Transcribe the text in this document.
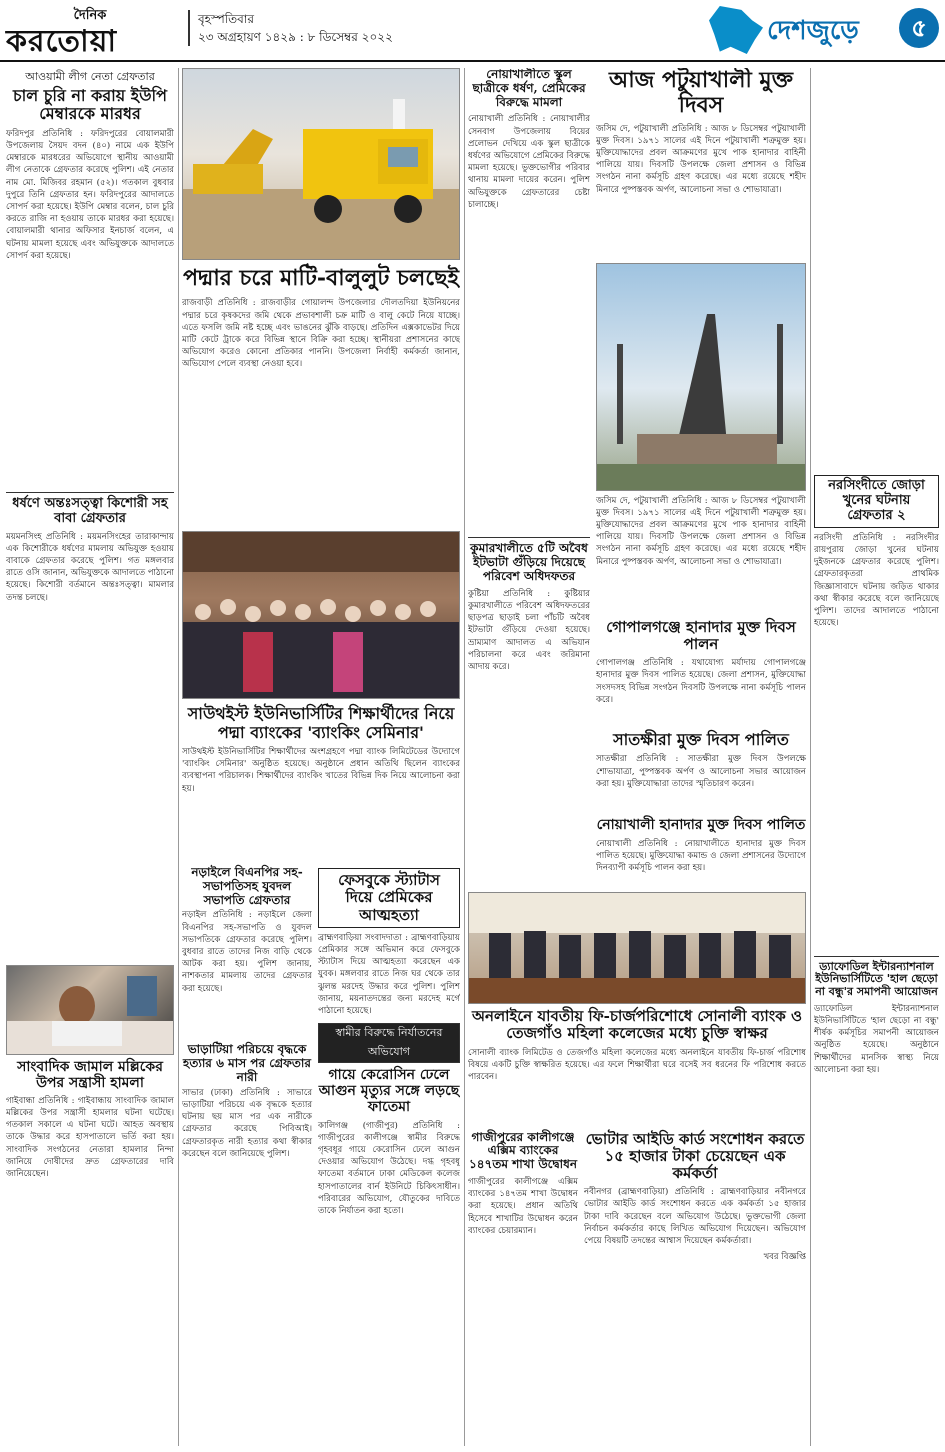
দৈনিক
করতোয়া
বৃহস্পতিবার
২৩ অগ্রহায়ণ ১৪২৯ : ৮ ডিসেম্বর ২০২২	দেশজুড়ে	৫
আওয়ামী লীগ নেতা গ্রেফতার
চাল চুরি না করায় ইউপি মেম্বারকে মারধর
ফরিদপুর প্রতিনিধি : ফরিদপুরের বোয়ালমারী উপজেলায় সৈয়দ বদন (৪০) নামে এক ইউপি মেম্বারকে মারধরের অভিযোগে স্থানীয় আওয়ামী লীগ নেতাকে গ্রেফতার করেছে পুলিশ। এই নেতার নাম মো. মিজিবর রহমান (৫২)। গতকাল বুধবার দুপুরে তিনি গ্রেফতার হন। ফরিদপুরের আদালতে সোপর্দ করা হয়েছে। ইউপি মেম্বার বলেন, চাল চুরি করতে রাজি না হওয়ায় তাকে মারধর করা হয়েছে। বোয়ালমারী থানার অফিসার ইনচার্জ বলেন, এ ঘটনায় মামলা হয়েছে এবং অভিযুক্তকে আদালতে সোপর্দ করা হয়েছে।
ধর্ষণে অন্তঃসত্ত্বা কিশোরী সহ বাবা গ্রেফতার
ময়মনসিংহ প্রতিনিধি : ময়মনসিংহের তারাকান্দায় এক কিশোরীকে ধর্ষণের মামলায় অভিযুক্ত হওয়ায় বাবাকে গ্রেফতার করেছে পুলিশ। গত মঙ্গলবার রাতে ওসি জানান, অভিযুক্তকে আদালতে পাঠানো হয়েছে। কিশোরী বর্তমানে অন্তঃসত্ত্বা। মামলার তদন্ত চলছে।
সাংবাদিক জামাল মল্লিকের উপর সন্ত্রাসী হামলা
গাইবান্ধা প্রতিনিধি : গাইবান্ধায় সাংবাদিক জামাল মল্লিকের উপর সন্ত্রাসী হামলার ঘটনা ঘটেছে। গতকাল সকালে এ ঘটনা ঘটে। আহত অবস্থায় তাকে উদ্ধার করে হাসপাতালে ভর্তি করা হয়। সাংবাদিক সংগঠনের নেতারা হামলার নিন্দা জানিয়ে দোষীদের দ্রুত গ্রেফতারের দাবি জানিয়েছেন।
পদ্মার চরে মাটি-বালুলুট চলছেই
রাজবাড়ী প্রতিনিধি : রাজবাড়ীর গোয়ালন্দ উপজেলার দৌলতদিয়া ইউনিয়নের পদ্মার চরে কৃষকদের জমি থেকে প্রভাবশালী চক্র মাটি ও বালু কেটে নিয়ে যাচ্ছে। এতে ফসলি জমি নষ্ট হচ্ছে এবং ভাঙনের ঝুঁকি বাড়ছে। প্রতিদিন এক্সকাভেটর দিয়ে মাটি কেটে ট্রাকে করে বিভিন্ন স্থানে বিক্রি করা হচ্ছে। স্থানীয়রা প্রশাসনের কাছে অভিযোগ করেও কোনো প্রতিকার পাননি। উপজেলা নির্বাহী কর্মকর্তা জানান, অভিযোগ পেলে ব্যবস্থা নেওয়া হবে।
সাউথইস্ট ইউনিভার্সিটির শিক্ষার্থীদের নিয়ে পদ্মা ব্যাংকের 'ব্যাংকিং সেমিনার'
সাউথইস্ট ইউনিভার্সিটির শিক্ষার্থীদের অংশগ্রহণে পদ্মা ব্যাংক লিমিটেডের উদ্যোগে 'ব্যাংকিং সেমিনার' অনুষ্ঠিত হয়েছে। অনুষ্ঠানে প্রধান অতিথি ছিলেন ব্যাংকের ব্যবস্থাপনা পরিচালক। শিক্ষার্থীদের ব্যাংকিং খাতের বিভিন্ন দিক নিয়ে আলোচনা করা হয়।
নড়াইলে বিএনপির সহ-সভাপতিসহ যুবদল সভাপতি গ্রেফতার
নড়াইল প্রতিনিধি : নড়াইলে জেলা বিএনপির সহ-সভাপতি ও যুবদল সভাপতিকে গ্রেফতার করেছে পুলিশ। বুধবার রাতে তাদের নিজ বাড়ি থেকে আটক করা হয়। পুলিশ জানায়, নাশকতার মামলায় তাদের গ্রেফতার করা হয়েছে।
ভাড়াটিয়া পরিচয়ে বৃদ্ধকে হত্যার ৬ মাস পর গ্রেফতার নারী
সাভার (ঢাকা) প্রতিনিধি : সাভারে ভাড়াটিয়া পরিচয়ে এক বৃদ্ধকে হত্যার ঘটনায় ছয় মাস পর এক নারীকে গ্রেফতার করেছে পিবিআই। গ্রেফতারকৃত নারী হত্যার কথা স্বীকার করেছেন বলে জানিয়েছে পুলিশ।
ফেসবুকে স্ট্যাটাস দিয়ে প্রেমিকের আত্মহত্যা
ব্রাহ্মণবাড়িয়া সংবাদদাতা : ব্রাহ্মণবাড়িয়ায় প্রেমিকার সঙ্গে অভিমান করে ফেসবুকে স্ট্যাটাস দিয়ে আত্মহত্যা করেছেন এক যুবক। মঙ্গলবার রাতে নিজ ঘর থেকে তার ঝুলন্ত মরদেহ উদ্ধার করে পুলিশ। পুলিশ জানায়, ময়নাতদন্তের জন্য মরদেহ মর্গে পাঠানো হয়েছে।
স্বামীর বিরুদ্ধে নির্যাতনের অভিযোগ
গায়ে কেরোসিন ঢেলে আগুন মৃত্যুর সঙ্গে লড়ছে ফাতেমা
কালিগঞ্জ (গাজীপুর) প্রতিনিধি : গাজীপুরের কালীগঞ্জে স্বামীর বিরুদ্ধে গৃহবধূর গায়ে কেরোসিন ঢেলে আগুন দেওয়ার অভিযোগ উঠেছে। দগ্ধ গৃহবধূ ফাতেমা বর্তমানে ঢাকা মেডিকেল কলেজ হাসপাতালের বার্ন ইউনিটে চিকিৎসাধীন। পরিবারের অভিযোগ, যৌতুকের দাবিতে তাকে নির্যাতন করা হতো।
নোয়াখালীতে স্কুল ছাত্রীকে ধর্ষণ, প্রেমিকের বিরুদ্ধে মামলা
নোয়াখালী প্রতিনিধি : নোয়াখালীর সেনবাগ উপজেলায় বিয়ের প্রলোভন দেখিয়ে এক স্কুল ছাত্রীকে ধর্ষণের অভিযোগে প্রেমিকের বিরুদ্ধে মামলা হয়েছে। ভুক্তভোগীর পরিবার থানায় মামলা দায়ের করেন। পুলিশ অভিযুক্তকে গ্রেফতারের চেষ্টা চালাচ্ছে।
কুমারখালীতে ৫টি অবৈধ ইটভাটা গুঁড়িয়ে দিয়েছে পরিবেশ অধিদফতর
কুষ্টিয়া প্রতিনিধি : কুষ্টিয়ার কুমারখালীতে পরিবেশ অধিদফতরের ছাড়পত্র ছাড়াই চলা পাঁচটি অবৈধ ইটভাটা গুঁড়িয়ে দেওয়া হয়েছে। ভ্রাম্যমাণ আদালত এ অভিযান পরিচালনা করে এবং জরিমানা আদায় করে।
আজ পটুয়াখালী মুক্ত দিবস
জসিম দে, পটুয়াখালী প্রতিনিধি : আজ ৮ ডিসেম্বর পটুয়াখালী মুক্ত দিবস। ১৯৭১ সালের এই দিনে পটুয়াখালী শত্রুমুক্ত হয়। মুক্তিযোদ্ধাদের প্রবল আক্রমণের মুখে পাক হানাদার বাহিনী পালিয়ে যায়। দিবসটি উপলক্ষে জেলা প্রশাসন ও বিভিন্ন সংগঠন নানা কর্মসূচি গ্রহণ করেছে। এর মধ্যে রয়েছে শহীদ মিনারে পুষ্পস্তবক অর্পণ, আলোচনা সভা ও শোভাযাত্রা।
জসিম দে, পটুয়াখালী প্রতিনিধি : আজ ৮ ডিসেম্বর পটুয়াখালী মুক্ত দিবস। ১৯৭১ সালের এই দিনে পটুয়াখালী শত্রুমুক্ত হয়। মুক্তিযোদ্ধাদের প্রবল আক্রমণের মুখে পাক হানাদার বাহিনী পালিয়ে যায়। দিবসটি উপলক্ষে জেলা প্রশাসন ও বিভিন্ন সংগঠন নানা কর্মসূচি গ্রহণ করেছে। এর মধ্যে রয়েছে শহীদ মিনারে পুষ্পস্তবক অর্পণ, আলোচনা সভা ও শোভাযাত্রা।
গোপালগঞ্জে হানাদার মুক্ত দিবস পালন
গোপালগঞ্জ প্রতিনিধি : যথাযোগ্য মর্যাদায় গোপালগঞ্জে হানাদার মুক্ত দিবস পালিত হয়েছে। জেলা প্রশাসন, মুক্তিযোদ্ধা সংসদসহ বিভিন্ন সংগঠন দিবসটি উপলক্ষে নানা কর্মসূচি পালন করে।
সাতক্ষীরা মুক্ত দিবস পালিত
সাতক্ষীরা প্রতিনিধি : সাতক্ষীরা মুক্ত দিবস উপলক্ষে শোভাযাত্রা, পুষ্পস্তবক অর্পণ ও আলোচনা সভার আয়োজন করা হয়। মুক্তিযোদ্ধারা তাদের স্মৃতিচারণ করেন।
নোয়াখালী হানাদার মুক্ত দিবস পালিত
নোয়াখালী প্রতিনিধি : নোয়াখালীতে হানাদার মুক্ত দিবস পালিত হয়েছে। মুক্তিযোদ্ধা কমান্ড ও জেলা প্রশাসনের উদ্যোগে দিনব্যাপী কর্মসূচি পালন করা হয়।
নরসিংদীতে জোড়া খুনের ঘটনায় গ্রেফতার ২
নরসিংদী প্রতিনিধি : নরসিংদীর রায়পুরায় জোড়া খুনের ঘটনায় দুইজনকে গ্রেফতার করেছে পুলিশ। গ্রেফতারকৃতরা প্রাথমিক জিজ্ঞাসাবাদে ঘটনায় জড়িত থাকার কথা স্বীকার করেছে বলে জানিয়েছে পুলিশ। তাদের আদালতে পাঠানো হয়েছে।
ড্যাফোডিল ইন্টারন্যাশনাল ইউনিভার্সিটিতে 'হাল ছেড়ো না বন্ধু'র সমাপনী আয়োজন
ড্যাফোডিল ইন্টারন্যাশনাল ইউনিভার্সিটিতে 'হাল ছেড়ো না বন্ধু' শীর্ষক কর্মসূচির সমাপনী আয়োজন অনুষ্ঠিত হয়েছে। অনুষ্ঠানে শিক্ষার্থীদের মানসিক স্বাস্থ্য নিয়ে আলোচনা করা হয়।
অনলাইনে যাবতীয় ফি-চার্জপরিশোধে সোনালী ব্যাংক ও তেজগাঁও মহিলা কলেজের মধ্যে চুক্তি স্বাক্ষর
সোনালী ব্যাংক লিমিটেড ও তেজগাঁও মহিলা কলেজের মধ্যে অনলাইনে যাবতীয় ফি-চার্জ পরিশোধ বিষয়ে একটি চুক্তি স্বাক্ষরিত হয়েছে। এর ফলে শিক্ষার্থীরা ঘরে বসেই সব ধরনের ফি পরিশোধ করতে পারবেন।
গাজীপুরের কালীগঞ্জে এক্সিম ব্যাংকের ১৪৭তম শাখা উদ্বোধন
গাজীপুরের কালীগঞ্জে এক্সিম ব্যাংকের ১৪৭তম শাখা উদ্বোধন করা হয়েছে। প্রধান অতিথি হিসেবে শাখাটির উদ্বোধন করেন ব্যাংকের চেয়ারম্যান।
ভোটার আইডি কার্ড সংশোধন করতে ১৫ হাজার টাকা চেয়েছেন এক কর্মকর্তা
নবীনগর (ব্রাহ্মণবাড়িয়া) প্রতিনিধি : ব্রাহ্মণবাড়িয়ার নবীনগরে ভোটার আইডি কার্ড সংশোধন করতে এক কর্মকর্তা ১৫ হাজার টাকা দাবি করেছেন বলে অভিযোগ উঠেছে। ভুক্তভোগী জেলা নির্বাচন কর্মকর্তার কাছে লিখিত অভিযোগ দিয়েছেন। অভিযোগ পেয়ে বিষয়টি তদন্তের আশ্বাস দিয়েছেন কর্মকর্তারা।
খবর বিজ্ঞপ্তি
